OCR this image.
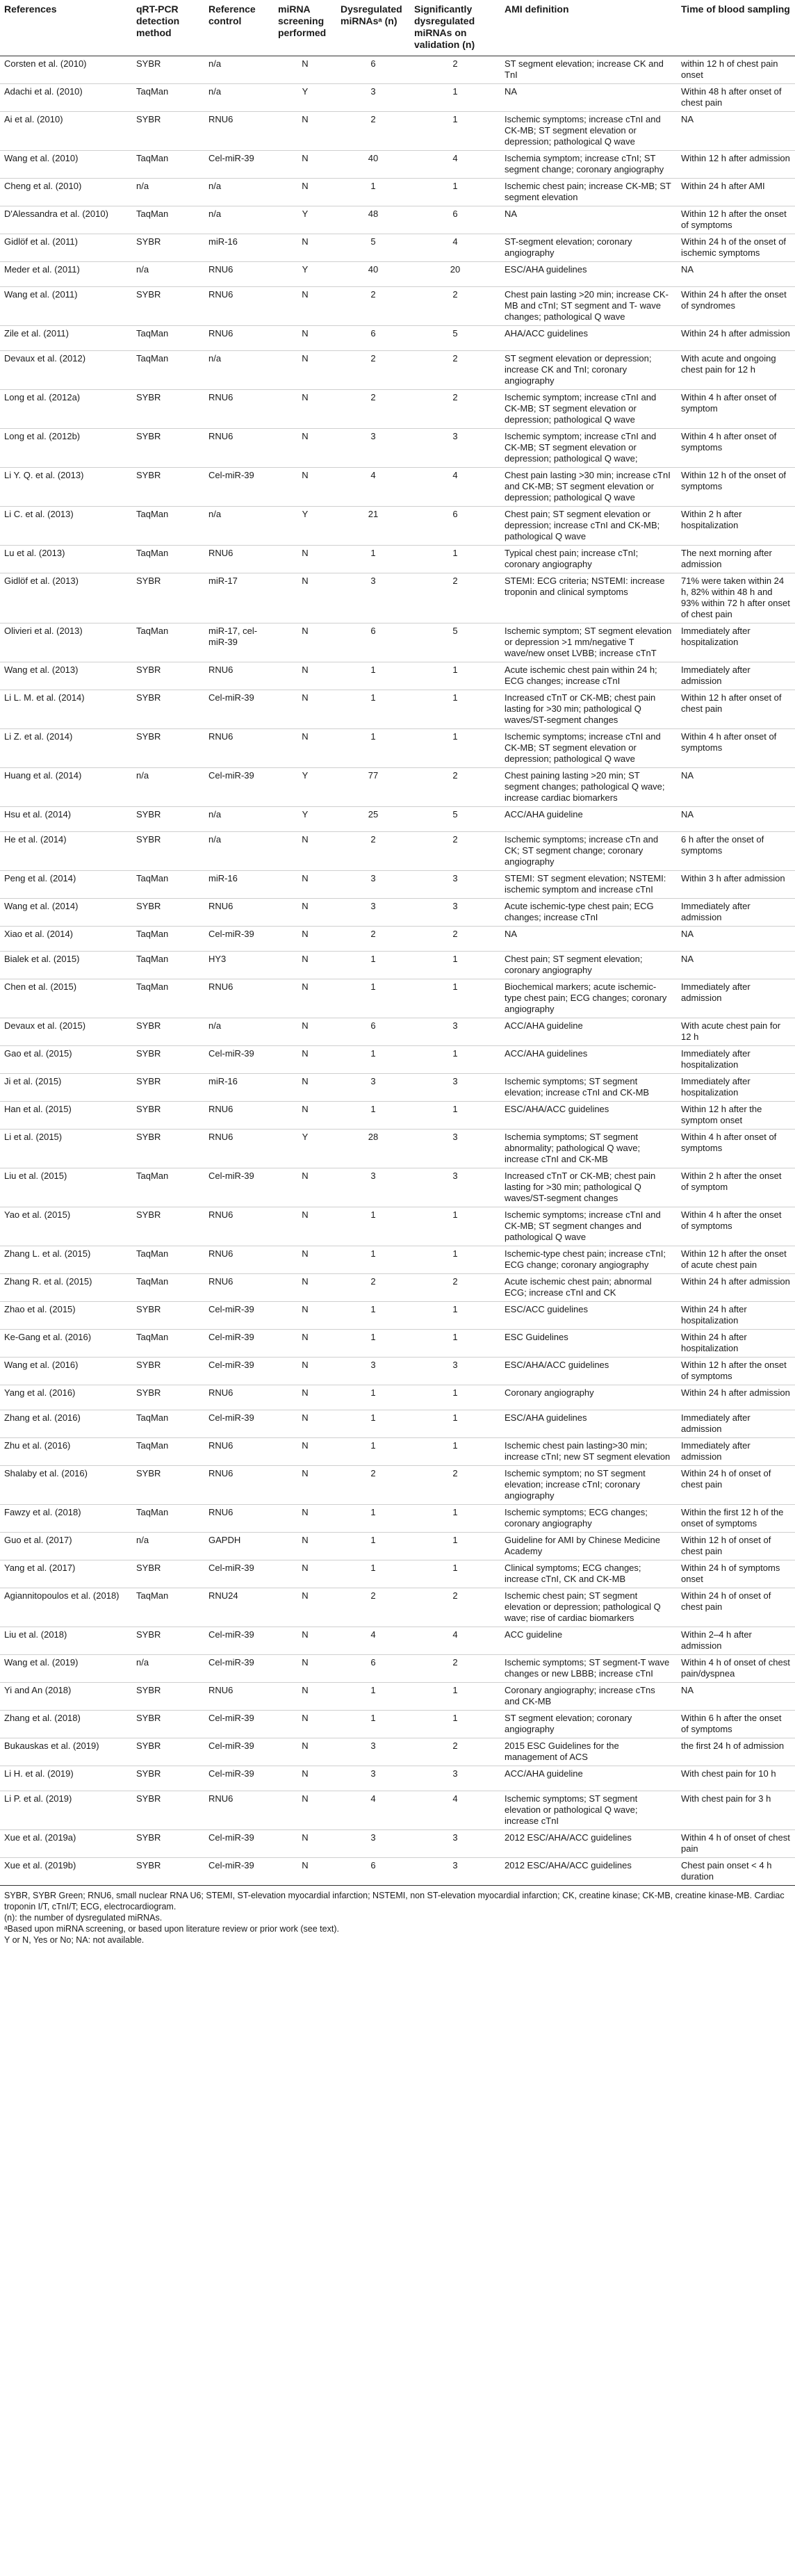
References	qRT-PCR detection method	Reference control	miRNA screening performed	Dysregulated miRNAsᵃ (n)	Significantly dysregulated miRNAs on validation (n)	AMI definition	Time of blood sampling
Corsten et al. (2010)	SYBR	n/a	N	6	2	ST segment elevation; increase CK and TnI	within 12 h of chest pain onset
Adachi et al. (2010)	TaqMan	n/a	Y	3	1	NA	Within 48 h after onset of chest pain
Ai et al. (2010)	SYBR	RNU6	N	2	1	Ischemic symptoms; increase cTnI and CK-MB; ST segment elevation or depression; pathological Q wave	NA
Wang et al. (2010)	TaqMan	Cel-miR-39	N	40	4	Ischemia symptom; increase cTnI; ST segment change; coronary angiography	Within 12 h after admission
Cheng et al. (2010)	n/a	n/a	N	1	1	Ischemic chest pain; increase CK-MB; ST segment elevation	Within 24 h after AMI
D'Alessandra et al. (2010)	TaqMan	n/a	Y	48	6	NA	Within 12 h after the onset of symptoms
Gidlöf et al. (2011)	SYBR	miR-16	N	5	4	ST-segment elevation; coronary angiography	Within 24 h of the onset of ischemic symptoms
Meder et al. (2011)	n/a	RNU6	Y	40	20	ESC/AHA guidelines	NA
Wang et al. (2011)	SYBR	RNU6	N	2	2	Chest pain lasting >20 min; increase CK-MB and cTnI; ST segment and T- wave changes; pathological Q wave	Within 24 h after the onset of syndromes
Zile et al. (2011)	TaqMan	RNU6	N	6	5	AHA/ACC guidelines	Within 24 h after admission
Devaux et al. (2012)	TaqMan	n/a	N	2	2	ST segment elevation or depression; increase CK and TnI; coronary angiography	With acute and ongoing chest pain for 12 h
Long et al. (2012a)	SYBR	RNU6	N	2	2	Ischemic symptom; increase cTnI and CK-MB; ST segment elevation or depression; pathological Q wave	Within 4 h after onset of symptom
Long et al. (2012b)	SYBR	RNU6	N	3	3	Ischemic symptom; increase cTnI and CK-MB; ST segment elevation or depression; pathological Q wave;	Within 4 h after onset of symptoms
Li Y. Q. et al. (2013)	SYBR	Cel-miR-39	N	4	4	Chest pain lasting >30 min; increase cTnI and CK-MB; ST segment elevation or depression; pathological Q wave	Within 12 h of the onset of symptoms
Li C. et al. (2013)	TaqMan	n/a	Y	21	6	Chest pain; ST segment elevation or depression; increase cTnI and CK-MB; pathological Q wave	Within 2 h after hospitalization
Lu et al. (2013)	TaqMan	RNU6	N	1	1	Typical chest pain; increase cTnI; coronary angiography	The next morning after admission
Gidlöf et al. (2013)	SYBR	miR-17	N	3	2	STEMI: ECG criteria; NSTEMI: increase troponin and clinical symptoms	71% were taken within 24 h, 82% within 48 h and 93% within 72 h after onset of chest pain
Olivieri et al. (2013)	TaqMan	miR-17, cel-miR-39	N	6	5	Ischemic symptom; ST segment elevation or depression >1 mm/negative T wave/new onset LVBB; increase cTnT	Immediately after hospitalization
Wang et al. (2013)	SYBR	RNU6	N	1	1	Acute ischemic chest pain within 24 h; ECG changes; increase cTnI	Immediately after admission
Li L. M. et al. (2014)	SYBR	Cel-miR-39	N	1	1	Increased cTnT or CK-MB; chest pain lasting for >30 min; pathological Q waves/ST-segment changes	Within 12 h after onset of chest pain
Li Z. et al. (2014)	SYBR	RNU6	N	1	1	Ischemic symptoms; increase cTnI and CK-MB; ST segment elevation or depression; pathological Q wave	Within 4 h after onset of symptoms
Huang et al. (2014)	n/a	Cel-miR-39	Y	77	2	Chest paining lasting >20 min; ST segment changes; pathological Q wave; increase cardiac biomarkers	NA
Hsu et al. (2014)	SYBR	n/a	Y	25	5	ACC/AHA guideline	NA
He et al. (2014)	SYBR	n/a	N	2	2	Ischemic symptoms; increase cTn and CK; ST segment change; coronary angiography	6 h after the onset of symptoms
Peng et al. (2014)	TaqMan	miR-16	N	3	3	STEMI: ST segment elevation; NSTEMI: ischemic symptom and increase cTnI	Within 3 h after admission
Wang et al. (2014)	SYBR	RNU6	N	3	3	Acute ischemic-type chest pain; ECG changes; increase cTnI	Immediately after admission
Xiao et al. (2014)	TaqMan	Cel-miR-39	N	2	2	NA	NA
Bialek et al. (2015)	TaqMan	HY3	N	1	1	Chest pain; ST segment elevation; coronary angiography	NA
Chen et al. (2015)	TaqMan	RNU6	N	1	1	Biochemical markers; acute ischemic-type chest pain; ECG changes; coronary angiography	Immediately after admission
Devaux et al. (2015)	SYBR	n/a	N	6	3	ACC/AHA guideline	With acute chest pain for 12 h
Gao et al. (2015)	SYBR	Cel-miR-39	N	1	1	ACC/AHA guidelines	Immediately after hospitalization
Ji et al. (2015)	SYBR	miR-16	N	3	3	Ischemic symptoms; ST segment elevation; increase cTnI and CK-MB	Immediately after hospitalization
Han et al. (2015)	SYBR	RNU6	N	1	1	ESC/AHA/ACC guidelines	Within 12 h after the symptom onset
Li et al. (2015)	SYBR	RNU6	Y	28	3	Ischemia symptoms; ST segment abnormality; pathological Q wave; increase cTnI and CK-MB	Within 4 h after onset of symptoms
Liu et al. (2015)	TaqMan	Cel-miR-39	N	3	3	Increased cTnT or CK-MB; chest pain lasting for >30 min; pathological Q waves/ST-segment changes	Within 2 h after the onset of symptom
Yao et al. (2015)	SYBR	RNU6	N	1	1	Ischemic symptoms; increase cTnI and CK-MB; ST segment changes and pathological Q wave	Within 4 h after the onset of symptoms
Zhang L. et al. (2015)	TaqMan	RNU6	N	1	1	Ischemic-type chest pain; increase cTnI; ECG change; coronary angiography	Within 12 h after the onset of acute chest pain
Zhang R. et al. (2015)	TaqMan	RNU6	N	2	2	Acute ischemic chest pain; abnormal ECG; increase cTnI and CK	Within 24 h after admission
Zhao et al. (2015)	SYBR	Cel-miR-39	N	1	1	ESC/ACC guidelines	Within 24 h after hospitalization
Ke-Gang et al. (2016)	TaqMan	Cel-miR-39	N	1	1	ESC Guidelines	Within 24 h after hospitalization
Wang et al. (2016)	SYBR	Cel-miR-39	N	3	3	ESC/AHA/ACC guidelines	Within 12 h after the onset of symptoms
Yang et al. (2016)	SYBR	RNU6	N	1	1	Coronary angiography	Within 24 h after admission
Zhang et al. (2016)	TaqMan	Cel-miR-39	N	1	1	ESC/AHA guidelines	Immediately after admission
Zhu et al. (2016)	TaqMan	RNU6	N	1	1	Ischemic chest pain lasting>30 min; increase cTnI; new ST segment elevation	Immediately after admission
Shalaby et al. (2016)	SYBR	RNU6	N	2	2	Ischemic symptom; no ST segment elevation; increase cTnI; coronary angiography	Within 24 h of onset of chest pain
Fawzy et al. (2018)	TaqMan	RNU6	N	1	1	Ischemic symptoms; ECG changes; coronary angiography	Within the first 12 h of the onset of symptoms
Guo et al. (2017)	n/a	GAPDH	N	1	1	Guideline for AMI by Chinese Medicine Academy	Within 12 h of onset of chest pain
Yang et al. (2017)	SYBR	Cel-miR-39	N	1	1	Clinical symptoms; ECG changes; increase cTnI, CK and CK-MB	Within 24 h of symptoms onset
Agiannitopoulos et al. (2018)	TaqMan	RNU24	N	2	2	Ischemic chest pain; ST segment elevation or depression; pathological Q wave; rise of cardiac biomarkers	Within 24 h of onset of chest pain
Liu et al. (2018)	SYBR	Cel-miR-39	N	4	4	ACC guideline	Within 2–4 h after admission
Wang et al. (2019)	n/a	Cel-miR-39	N	6	2	Ischemic symptoms; ST segment-T wave changes or new LBBB; increase cTnI	Within 4 h of onset of chest pain/dyspnea
Yi and An (2018)	SYBR	RNU6	N	1	1	Coronary angiography; increase cTns and CK-MB	NA
Zhang et al. (2018)	SYBR	Cel-miR-39	N	1	1	ST segment elevation; coronary angiography	Within 6 h after the onset of symptoms
Bukauskas et al. (2019)	SYBR	Cel-miR-39	N	3	2	2015 ESC Guidelines for the management of ACS	the first 24 h of admission
Li H. et al. (2019)	SYBR	Cel-miR-39	N	3	3	ACC/AHA guideline	With chest pain for 10 h
Li P. et al. (2019)	SYBR	RNU6	N	4	4	Ischemic symptoms; ST segment elevation or pathological Q wave; increase cTnI	With chest pain for 3 h
Xue et al. (2019a)	SYBR	Cel-miR-39	N	3	3	2012 ESC/AHA/ACC guidelines	Within 4 h of onset of chest pain
Xue et al. (2019b)	SYBR	Cel-miR-39	N	6	3	2012 ESC/AHA/ACC guidelines	Chest pain onset < 4 h duration
SYBR, SYBR Green; RNU6, small nuclear RNA U6; STEMI, ST-elevation myocardial infarction; NSTEMI, non ST-elevation myocardial infarction; CK, creatine kinase; CK-MB, creatine kinase-MB. Cardiac troponin I/T, cTnI/T; ECG, electrocardiogram.
(n): the number of dysregulated miRNAs.
ᵃBased upon miRNA screening, or based upon literature review or prior work (see text).
Y or N, Yes or No; NA: not available.
